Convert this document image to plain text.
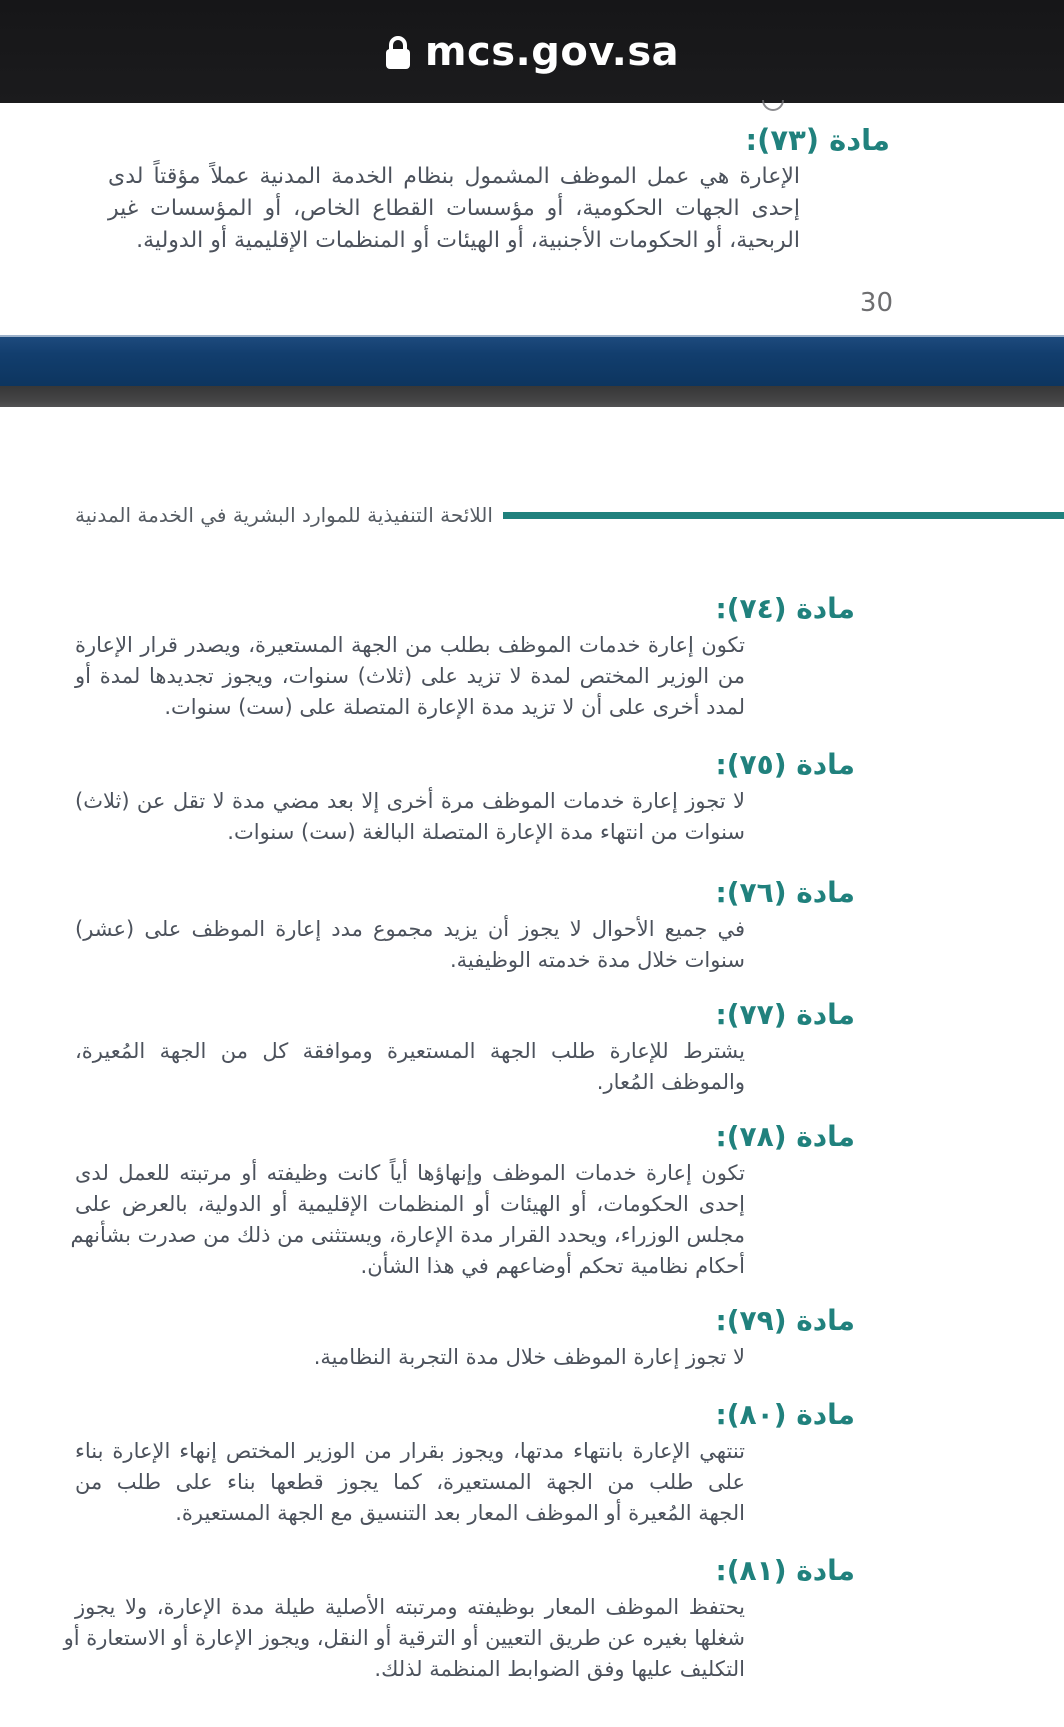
mcs.gov.sa
مادة (٧٣):
الإعارة هي عمل الموظف المشمول بنظام الخدمة المدنية عملاً مؤقتاً لدى
إحدى الجهات الحكومية، أو مؤسسات القطاع الخاص، أو المؤسسات غير
الربحية، أو الحكومات الأجنبية، أو الهيئات أو المنظمات الإقليمية أو الدولية.
30
اللائحة التنفيذية للموارد البشرية في الخدمة المدنية
مادة (٧٤):
تكون إعارة خدمات الموظف بطلب من الجهة المستعيرة، ويصدر قرار الإعارة
من الوزير المختص لمدة لا تزيد على (ثلاث) سنوات، ويجوز تجديدها لمدة أو
لمدد أخرى على أن لا تزيد مدة الإعارة المتصلة على (ست) سنوات.
مادة (٧٥):
لا تجوز إعارة خدمات الموظف مرة أخرى إلا بعد مضي مدة لا تقل عن (ثلاث)
سنوات من انتهاء مدة الإعارة المتصلة البالغة (ست) سنوات.
مادة (٧٦):
في جميع الأحوال لا يجوز أن يزيد مجموع مدد إعارة الموظف على (عشر)
سنوات خلال مدة خدمته الوظيفية.
مادة (٧٧):
يشترط للإعارة طلب الجهة المستعيرة وموافقة كل من الجهة المُعيرة،
والموظف المُعار.
مادة (٧٨):
تكون إعارة خدمات الموظف وإنهاؤها أياً كانت وظيفته أو مرتبته للعمل لدى
إحدى الحكومات، أو الهيئات أو المنظمات الإقليمية أو الدولية، بالعرض على
مجلس الوزراء، ويحدد القرار مدة الإعارة، ويستثنى من ذلك من صدرت بشأنهم
أحكام نظامية تحكم أوضاعهم في هذا الشأن.
مادة (٧٩):
لا تجوز إعارة الموظف خلال مدة التجربة النظامية.
مادة (٨٠):
تنتهي الإعارة بانتهاء مدتها، ويجوز بقرار من الوزير المختص إنهاء الإعارة بناء
على طلب من الجهة المستعيرة، كما يجوز قطعها بناء على طلب من
الجهة المُعيرة أو الموظف المعار بعد التنسيق مع الجهة المستعيرة.
مادة (٨١):
يحتفظ الموظف المعار بوظيفته ومرتبته الأصلية طيلة مدة الإعارة، ولا يجوز
شغلها بغيره عن طريق التعيين أو الترقية أو النقل، ويجوز الإعارة أو الاستعارة أو
التكليف عليها وفق الضوابط المنظمة لذلك.
